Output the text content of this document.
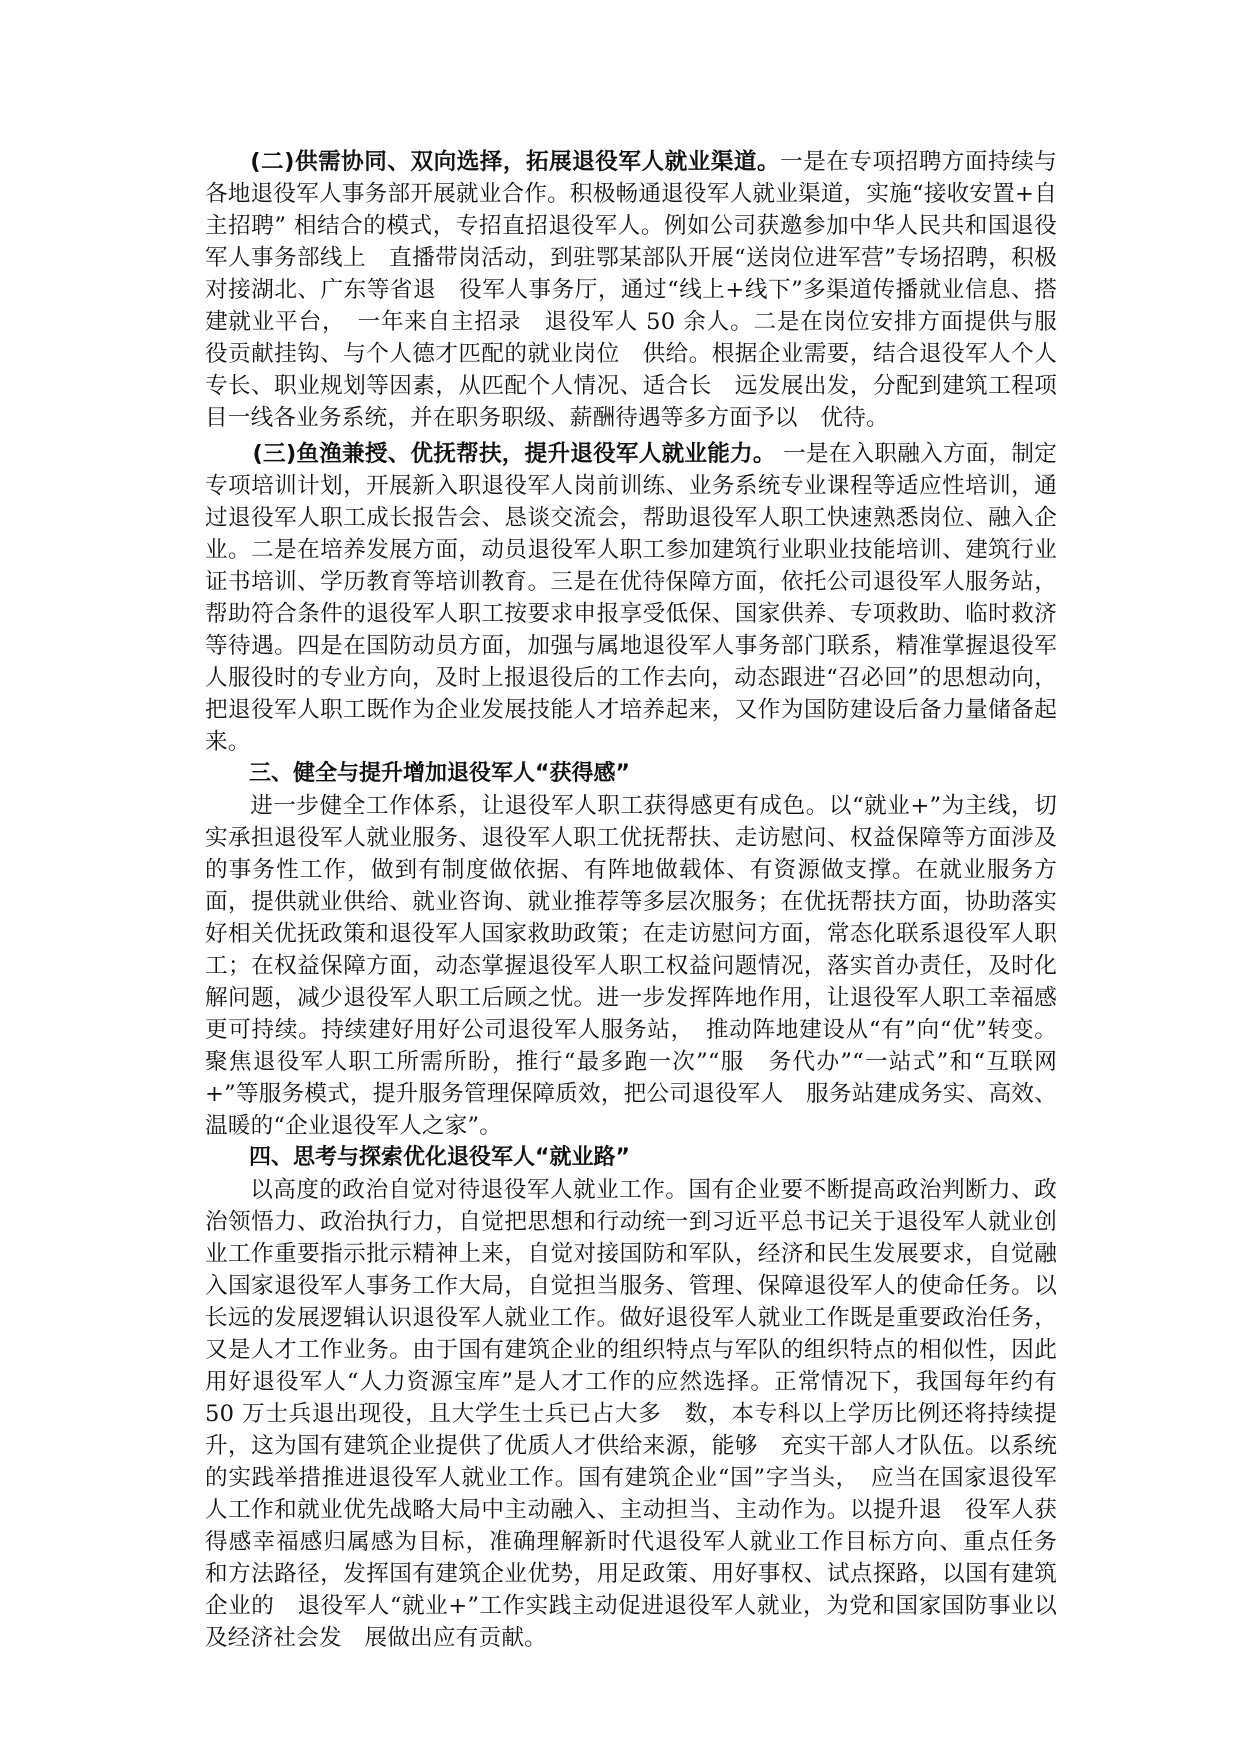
(二)供需协同、双向选择，拓展退役军人就业渠道。一是在专项招聘方面持续与各地退役军人事务部开展就业合作。积极畅通退役军人就业渠道，实施“接收安置+自主招聘” 相结合的模式，专招直招退役军人。例如公司获邀参加中华人民共和国退役军人事务部线上　直播带岗活动，到驻鄂某部队开展“送岗位进军营”专场招聘，积极对接湖北、广东等省退　役军人事务厅，通过“线上+线下”多渠道传播就业信息、搭建就业平台，　一年来自主招录　退役军人 50 余人。二是在岗位安排方面提供与服役贡献挂钩、与个人德才匹配的就业岗位　供给。根据企业需要，结合退役军人个人专长、职业规划等因素，从匹配个人情况、适合长　远发展出发，分配到建筑工程项目一线各业务系统，并在职务职级、薪酬待遇等多方面予以　优待。

(三)鱼渔兼授、优抚帮扶，提升退役军人就业能力。 一是在入职融入方面，制定专项培训计划，开展新入职退役军人岗前训练、业务系统专业课程等适应性培训，通过退役军人职工成长报告会、恳谈交流会，帮助退役军人职工快速熟悉岗位、融入企业。二是在培养发展方面，动员退役军人职工参加建筑行业职业技能培训、建筑行业证书培训、学历教育等培训教育。三是在优待保障方面，依托公司退役军人服务站，帮助符合条件的退役军人职工按要求申报享受低保、国家供养、专项救助、临时救济等待遇。四是在国防动员方面，加强与属地退役军人事务部门联系，精准掌握退役军人服役时的专业方向，及时上报退役后的工作去向，动态跟进“召必回”的思想动向，把退役军人职工既作为企业发展技能人才培养起来，又作为国防建设后备力量储备起来。

三、健全与提升增加退役军人“获得感”

进一步健全工作体系，让退役军人职工获得感更有成色。以“就业+”为主线，切实承担退役军人就业服务、退役军人职工优抚帮扶、走访慰问、权益保障等方面涉及的事务性工作，做到有制度做依据、有阵地做载体、有资源做支撑。在就业服务方面，提供就业供给、就业咨询、就业推荐等多层次服务；在优抚帮扶方面，协助落实好相关优抚政策和退役军人国家救助政策；在走访慰问方面，常态化联系退役军人职工；在权益保障方面，动态掌握退役军人职工权益问题情况，落实首办责任，及时化解问题，减少退役军人职工后顾之忧。进一步发挥阵地作用，让退役军人职工幸福感更可持续。持续建好用好公司退役军人服务站，　推动阵地建设从“有”向“优”转变。聚焦退役军人职工所需所盼，推行“最多跑一次”“服　务代办”“一站式”和“互联网+”等服务模式，提升服务管理保障质效，把公司退役军人　服务站建成务实、高效、温暖的“企业退役军人之家”。

四、思考与探索优化退役军人“就业路”

以高度的政治自觉对待退役军人就业工作。国有企业要不断提高政治判断力、政治领悟力、政治执行力，自觉把思想和行动统一到习近平总书记关于退役军人就业创业工作重要指示批示精神上来，自觉对接国防和军队，经济和民生发展要求，自觉融入国家退役军人事务工作大局，自觉担当服务、管理、保障退役军人的使命任务。以长远的发展逻辑认识退役军人就业工作。做好退役军人就业工作既是重要政治任务，又是人才工作业务。由于国有建筑企业的组织特点与军队的组织特点的相似性，因此用好退役军人“人力资源宝库”是人才工作的应然选择。正常情况下，我国每年约有 50 万士兵退出现役，且大学生士兵已占大多　数，本专科以上学历比例还将持续提升，这为国有建筑企业提供了优质人才供给来源，能够　充实干部人才队伍。以系统的实践举措推进退役军人就业工作。国有建筑企业“国”字当头，　应当在国家退役军人工作和就业优先战略大局中主动融入、主动担当、主动作为。以提升退　役军人获得感幸福感归属感为目标，准确理解新时代退役军人就业工作目标方向、重点任务　和方法路径，发挥国有建筑企业优势，用足政策、用好事权、试点探路，以国有建筑企业的　退役军人“就业+”工作实践主动促进退役军人就业，为党和国家国防事业以及经济社会发　展做出应有贡献。
